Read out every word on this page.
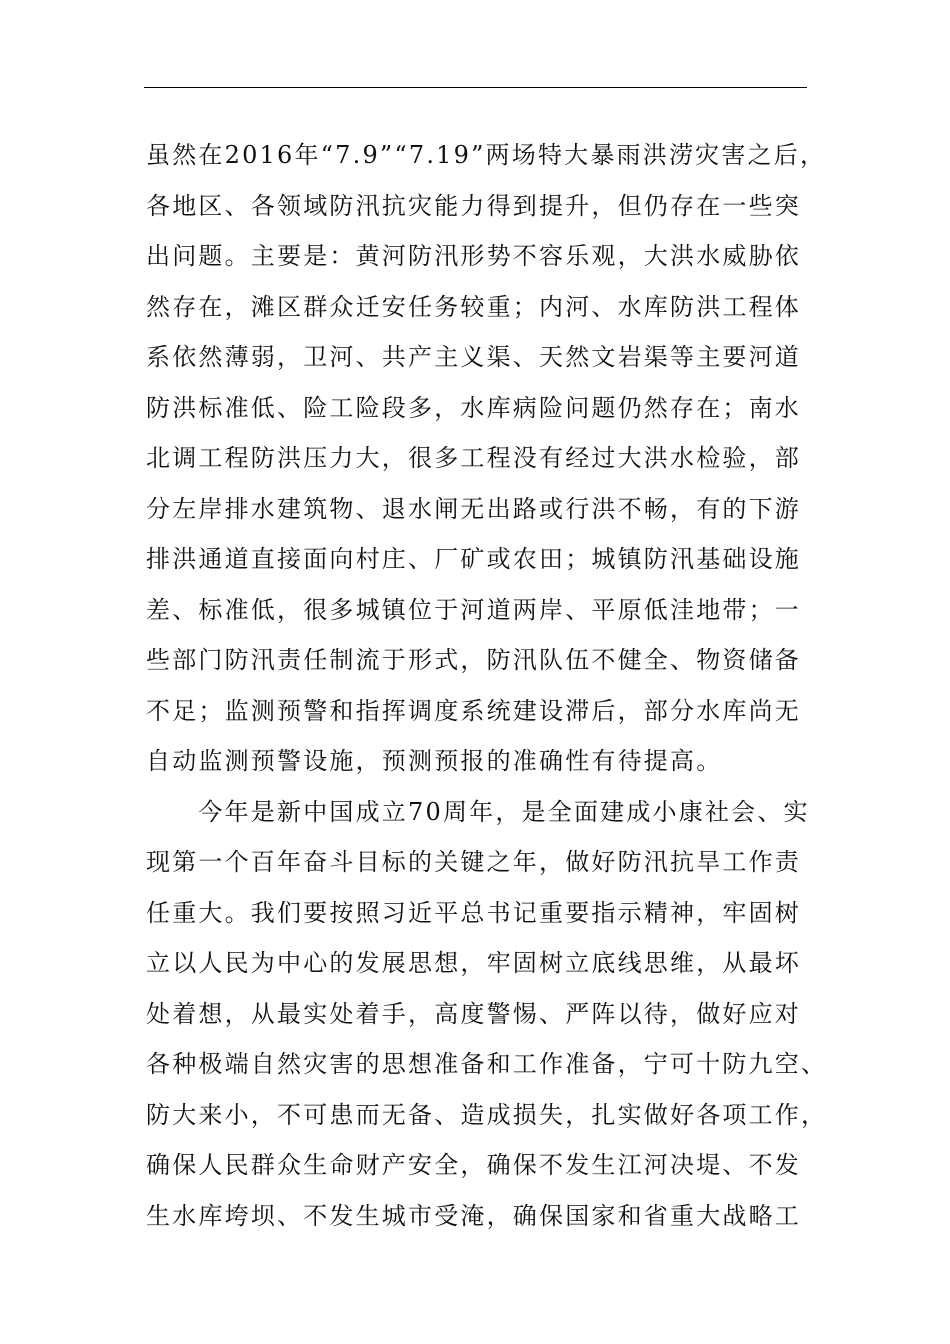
虽然在2016年“7.9”“7.19”两场特大暴雨洪涝灾害之后，
各地区、各领域防汛抗灾能力得到提升，但仍存在一些突
出问题。主要是：黄河防汛形势不容乐观，大洪水威胁依
然存在，滩区群众迁安任务较重；内河、水库防洪工程体
系依然薄弱，卫河、共产主义渠、天然文岩渠等主要河道
防洪标准低、险工险段多，水库病险问题仍然存在；南水
北调工程防洪压力大，很多工程没有经过大洪水检验，部
分左岸排水建筑物、退水闸无出路或行洪不畅，有的下游
排洪通道直接面向村庄、厂矿或农田；城镇防汛基础设施
差、标准低，很多城镇位于河道两岸、平原低洼地带；一
些部门防汛责任制流于形式，防汛队伍不健全、物资储备
不足；监测预警和指挥调度系统建设滞后，部分水库尚无
自动监测预警设施，预测预报的准确性有待提高。
　　今年是新中国成立70周年，是全面建成小康社会、实
现第一个百年奋斗目标的关键之年，做好防汛抗旱工作责
任重大。我们要按照习近平总书记重要指示精神，牢固树
立以人民为中心的发展思想，牢固树立底线思维，从最坏
处着想，从最实处着手，高度警惕、严阵以待，做好应对
各种极端自然灾害的思想准备和工作准备，宁可十防九空、
防大来小，不可患而无备、造成损失，扎实做好各项工作，
确保人民群众生命财产安全，确保不发生江河决堤、不发
生水库垮坝、不发生城市受淹，确保国家和省重大战略工
